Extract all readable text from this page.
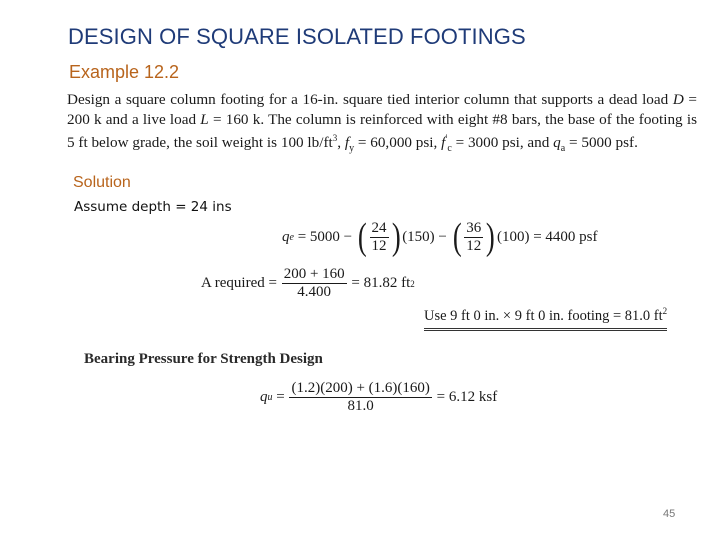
DESIGN OF SQUARE ISOLATED FOOTINGS
Example 12.2
Design a square column footing for a 16-in. square tied interior column that supports a dead load D = 200 k and a live load L = 160 k. The column is reinforced with eight #8 bars, the base of the footing is 5 ft below grade, the soil weight is 100 $lb/ft^3$, $f_y = 60,000$ psi, $f'_c = 3000$ psi, and $q_a = 5000$ psf.
Solution
Assume depth = 24 ins
q e = 5000 − ( $\frac{24}{12}$ ) (150) − ( $\frac{36}{12}$ ) (100) = 4400 psf
A required = $\frac{200 + 160}{4.400} = 81.82$ ft 2
Use 9 ft 0 in. × 9 ft 0 in. footing = 81.0 $ft^2$
Bearing Pressure for Strength Design
q $u = \frac{(1.2)(200) + (1.6)(160)}{81.0} = 6.12$ ksf
45
